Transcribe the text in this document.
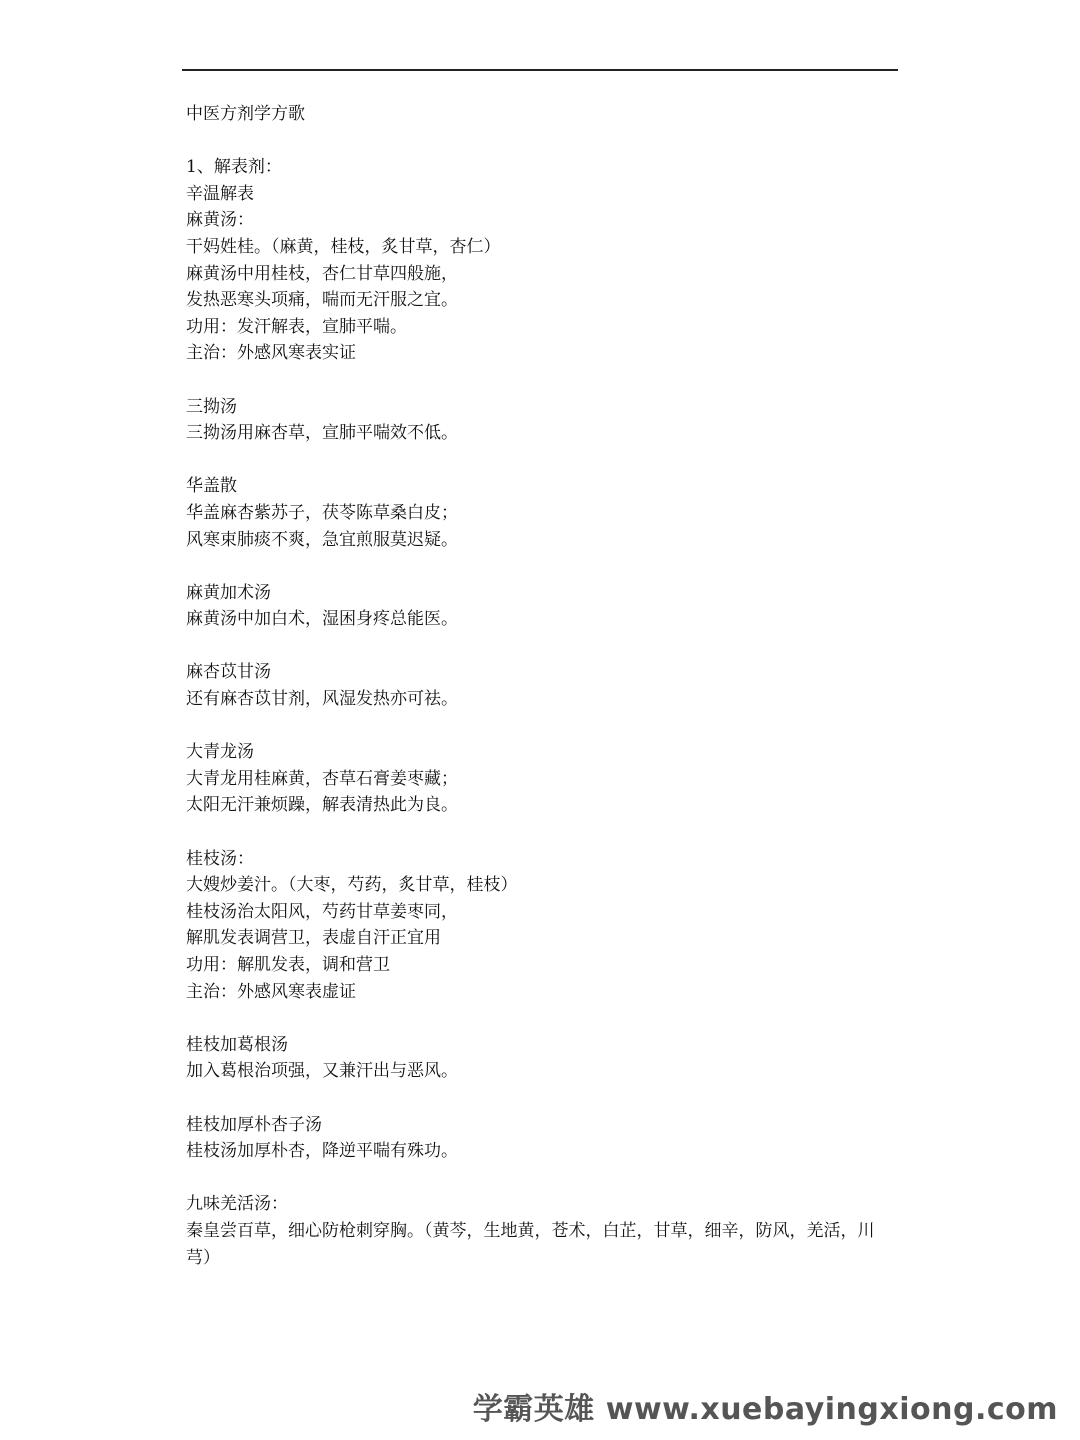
中医方剂学方歌
1、解表剂：
辛温解表
麻黄汤：
干妈姓桂。（麻黄，桂枝，炙甘草，杏仁）
麻黄汤中用桂枝，杏仁甘草四般施，
发热恶寒头项痛，喘而无汗服之宜。
功用：发汗解表，宣肺平喘。
主治：外感风寒表实证
三拗汤
三拗汤用麻杏草，宣肺平喘效不低。
华盖散
华盖麻杏紫苏子，茯苓陈草桑白皮；
风寒束肺痰不爽，急宜煎服莫迟疑。
麻黄加术汤
麻黄汤中加白术，湿困身疼总能医。
麻杏苡甘汤
还有麻杏苡甘剂，风湿发热亦可祛。
大青龙汤
大青龙用桂麻黄，杏草石膏姜枣藏；
太阳无汗兼烦躁，解表清热此为良。
桂枝汤：
大嫂炒姜汁。（大枣，芍药，炙甘草，桂枝）
桂枝汤治太阳风，芍药甘草姜枣同，
解肌发表调营卫，表虚自汗正宜用
功用：解肌发表，调和营卫
主治：外感风寒表虚证
桂枝加葛根汤
加入葛根治项强，又兼汗出与恶风。
桂枝加厚朴杏子汤
桂枝汤加厚朴杏，降逆平喘有殊功。
九味羌活汤：
秦皇尝百草，细心防枪刺穿胸。（黄芩，生地黄，苍术，白芷，甘草，细辛，防风，羌活，川芎）
学霸英雄 www.xuebayingxiong.com
